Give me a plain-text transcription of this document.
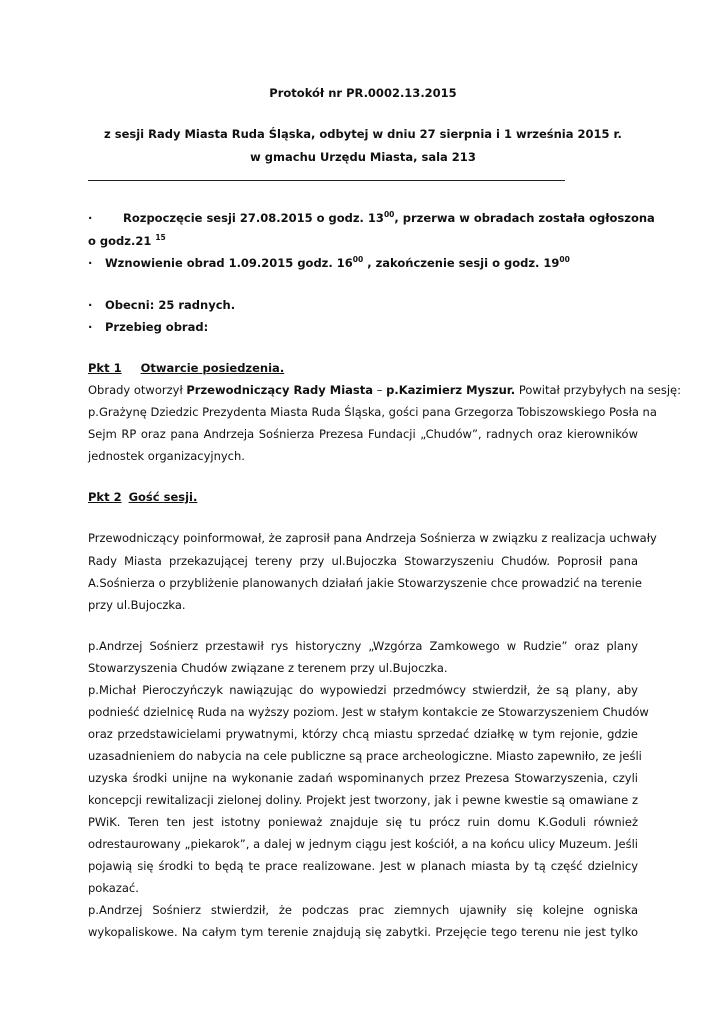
Protokół nr PR.0002.13.2015
z sesji Rady Miasta Ruda Śląska, odbytej w dniu 27 sierpnia i 1 września 2015 r.
w gmachu Urzędu Miasta, sala 213
·	Rozpoczęcie sesji 27.08.2015 o godz. $13^{00}$, przerwa w obradach została ogłoszona
o godz.21 $^{15}$
· Wznowienie obrad 1.09.2015 godz. $16^{00}$ , zakończenie sesji o godz. $19^{00}$
· Obecni: 25 radnych.
· Przebieg obrad:
Pkt 1 Otwarcie posiedzenia.
Obrady otworzył Przewodniczący Rady Miasta – p.Kazimierz Myszur. Powitał przybyłych na sesję:
p.Grażynę Dziedzic Prezydenta Miasta Ruda Śląska, gości pana Grzegorza Tobiszowskiego Posła na
Sejm RP oraz pana Andrzeja Sośnierza Prezesa Fundacji „Chudów”, radnych oraz kierowników
jednostek organizacyjnych.
Pkt 2 Gość sesji.
Przewodniczący poinformował, że zaprosił pana Andrzeja Sośnierza w związku z realizacja uchwały
Rady Miasta przekazującej tereny przy ul.Bujoczka Stowarzyszeniu Chudów. Poprosił pana
A.Sośnierza o przybliżenie planowanych działań jakie Stowarzyszenie chce prowadzić na terenie
przy ul.Bujoczka.
p.Andrzej Sośnierz przestawił rys historyczny „Wzgórza Zamkowego w Rudzie” oraz plany
Stowarzyszenia Chudów związane z terenem przy ul.Bujoczka.
p.Michał Pieroczyńczyk nawiązując do wypowiedzi przedmówcy stwierdził, że są plany, aby
podnieść dzielnicę Ruda na wyższy poziom. Jest w stałym kontakcie ze Stowarzyszeniem Chudów
oraz przedstawicielami prywatnymi, którzy chcą miastu sprzedać działkę w tym rejonie, gdzie
uzasadnieniem do nabycia na cele publiczne są prace archeologiczne. Miasto zapewniło, ze jeśli
uzyska środki unijne na wykonanie zadań wspominanych przez Prezesa Stowarzyszenia, czyli
koncepcji rewitalizacji zielonej doliny. Projekt jest tworzony, jak i pewne kwestie są omawiane z
PWiK. Teren ten jest istotny ponieważ znajduje się tu prócz ruin domu K.Goduli również
odrestaurowany „piekarok”, a dalej w jednym ciągu jest kościół, a na końcu ulicy Muzeum. Jeśli
pojawią się środki to będą te prace realizowane. Jest w planach miasta by tą część dzielnicy
pokazać.
p.Andrzej Sośnierz stwierdził, że podczas prac ziemnych ujawniły się kolejne ogniska
wykopaliskowe. Na całym tym terenie znajdują się zabytki. Przejęcie tego terenu nie jest tylko
